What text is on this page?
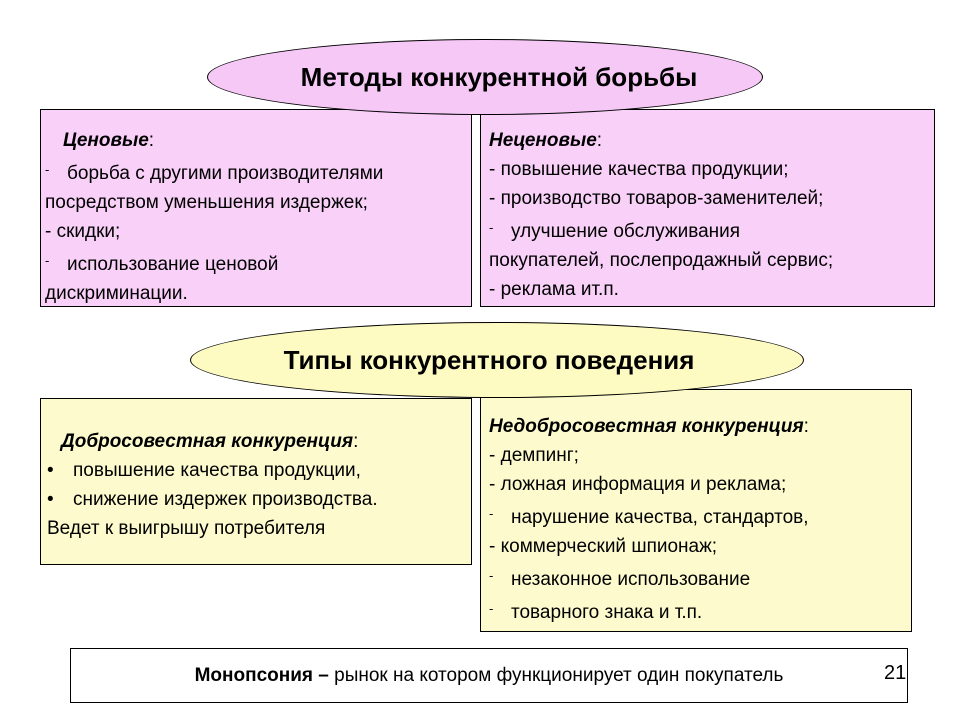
Ценовые:
- борьба с другими производителями
посредством уменьшения издержек;
- скидки;
- использование ценовой
дискриминации.
Неценовые:
- повышение качества продукции;
- производство товаров-заменителей;
- улучшение обслуживания
покупателей, послепродажный сервис;
- реклама ит.п.
Методы конкурентной борьбы
Добросовестная конкуренция:
• повышение качества продукции,
• снижение издержек производства.
Ведет к выигрышу потребителя
Недобросовестная конкуренция:
- демпинг;
- ложная информация и реклама;
- нарушение качества, стандартов,
- коммерческий шпионаж;
- незаконное использование
- товарного знака и т.п.
Типы конкурентного поведения
Монопсония – рынок на котором функционирует один покупатель	21
